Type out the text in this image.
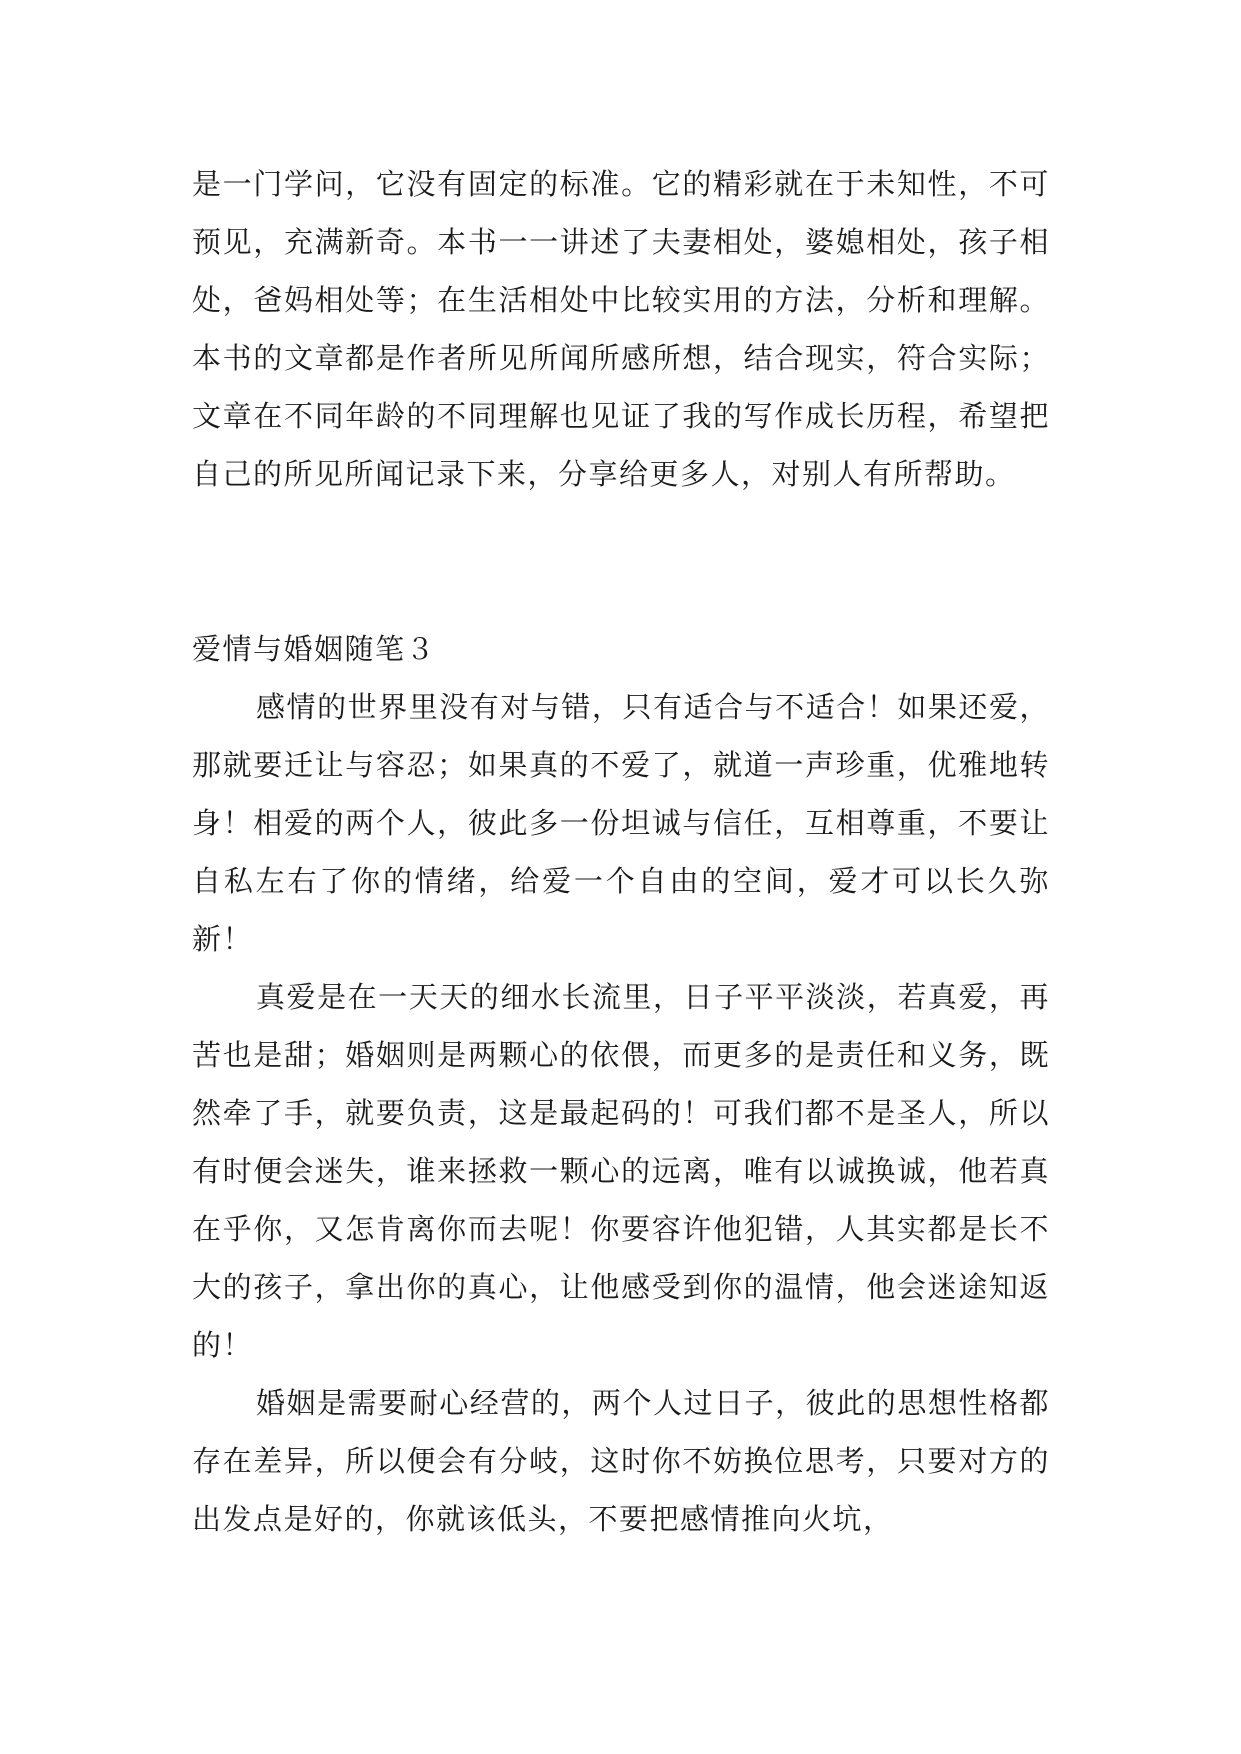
是一门学问，它没有固定的标准。它的精彩就在于未知性，不可预见，充满新奇。本书一一讲述了夫妻相处，婆媳相处，孩子相处，爸妈相处等；在生活相处中比较实用的方法，分析和理解。 本书的文章都是作者所见所闻所感所想，结合现实，符合实际；文章在不同年龄的不同理解也见证了我的写作成长历程，希望把自己的所见所闻记录下来，分享给更多人，对别人有所帮助。

爱情与婚姻随笔３

感情的世界里没有对与错，只有适合与不适合！如果还爱，那就要迁让与容忍；如果真的不爱了，就道一声珍重，优雅地转身！相爱的两个人，彼此多一份坦诚与信任，互相尊重，不要让自私左右了你的情绪，给爱一个自由的空间，爱才可以长久弥新！

真爱是在一天天的细水长流里，日子平平淡淡，若真爱，再苦也是甜；婚姻则是两颗心的依偎，而更多的是责任和义务，既然牵了手，就要负责，这是最起码的！可我们都不是圣人，所以有时便会迷失，谁来拯救一颗心的远离，唯有以诚换诚，他若真在乎你，又怎肯离你而去呢！你要容许他犯错，人其实都是长不大的孩子，拿出你的真心，让他感受到你的温情，他会迷途知返的！

婚姻是需要耐心经营的，两个人过日子，彼此的思想性格都存在差异，所以便会有分岐，这时你不妨换位思考，只要对方的出发点是好的，你就该低头，不要把感情推向火坑，
